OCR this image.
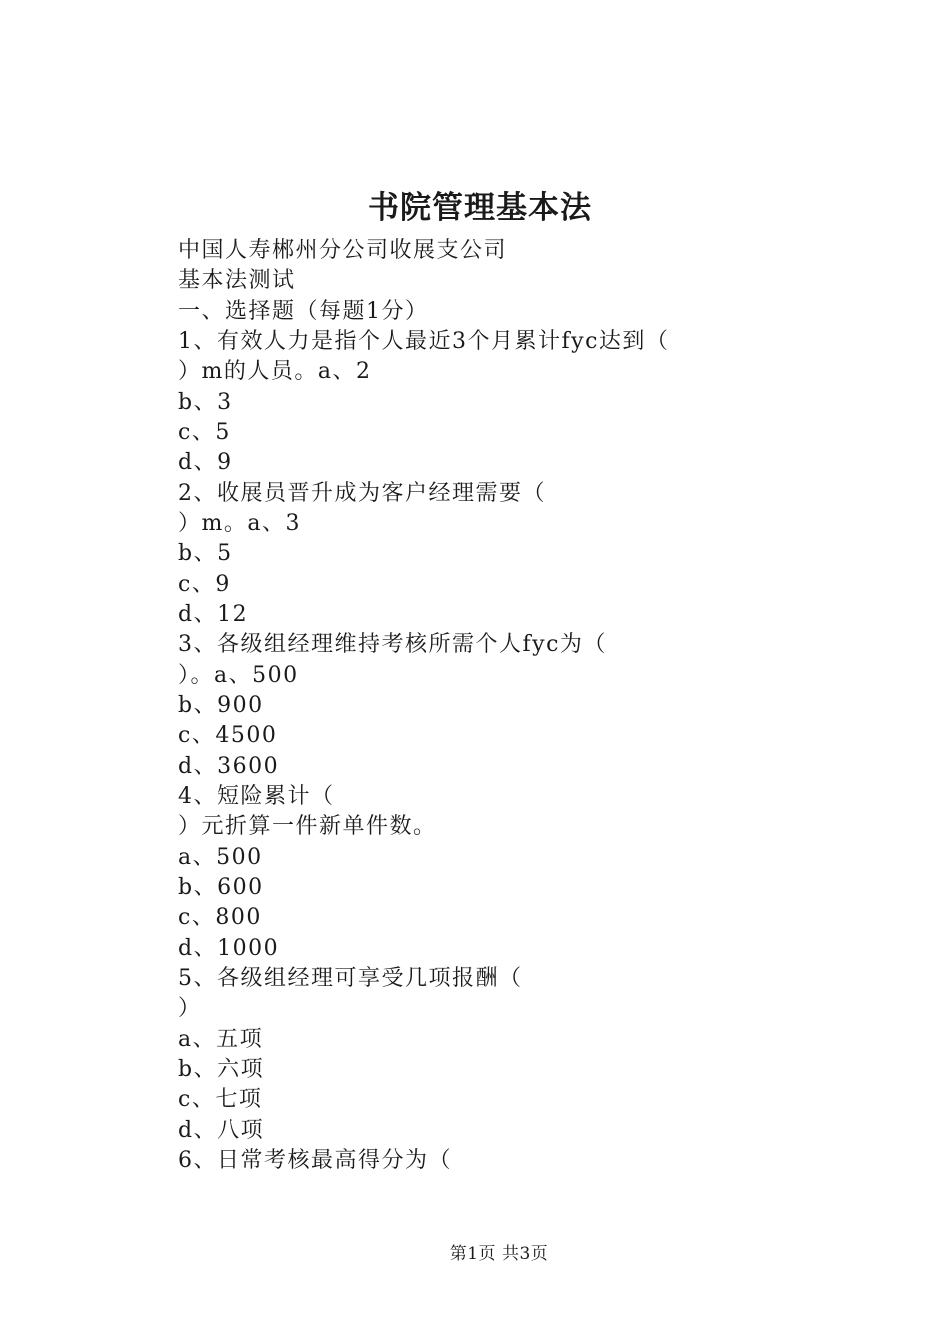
书院管理基本法
中国人寿郴州分公司收展支公司
基本法测试
一、选择题（每题1分）
1、有效人力是指个人最近3个月累计fyc达到（
）m的人员。a、2
b、3
c、5
d、9
2、收展员晋升成为客户经理需要（
）m。a、3
b、5
c、9
d、12
3、各级组经理维持考核所需个人fyc为（
）。a、500
b、900
c、4500
d、3600
4、短险累计（
）元折算一件新单件数。
a、500
b、600
c、800
d、1000
5、各级组经理可享受几项报酬（
）
a、五项
b、六项
c、七项
d、八项
6、日常考核最高得分为（
第1页 共3页
